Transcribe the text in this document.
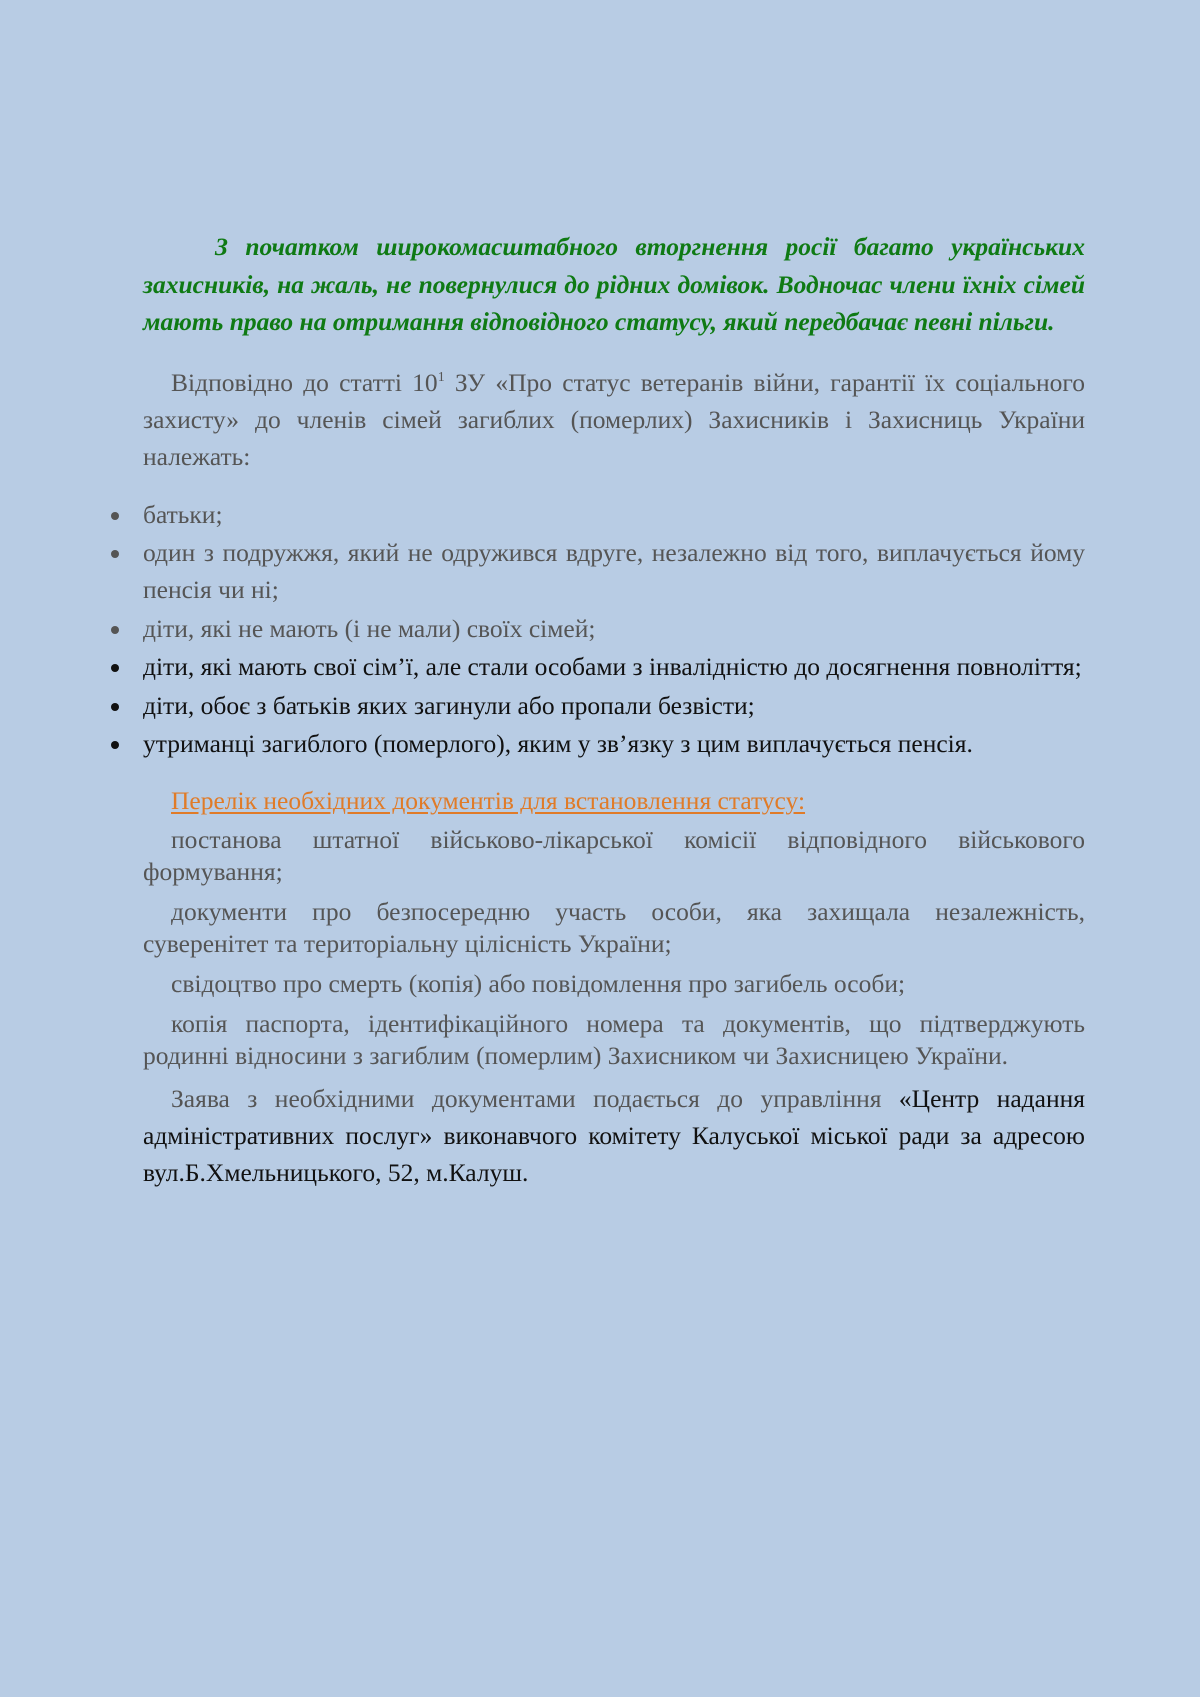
З початком широкомасштабного вторгнення росії багато українських захисників, на жаль, не повернулися до рідних домівок. Водночас члени їхніх сімей мають право на отримання відповідного статусу, який передбачає певні пільги.

Відповідно до статті $10^1$ ЗУ «Про статус ветеранів війни, гарантії їх соціального захисту» до членів сімей загиблих (померлих) Захисників і Захисниць України належать:

батьки;
один з подружжя, який не одружився вдруге, незалежно від того, виплачується йому пенсія чи ні;
діти, які не мають (і не мали) своїх сімей;
діти, які мають свої сім’ї, але стали особами з інвалідністю до досягнення повноліття;
діти, обоє з батьків яких загинули або пропали безвісти;
утриманці загиблого (померлого), яким у зв’язку з цим виплачується пенсія.

Перелік необхідних документів для встановлення статусу:

постанова штатної військово-лікарської комісії відповідного військового формування;

документи про безпосередню участь особи, яка захищала незалежність, суверенітет та територіальну цілісність України;

свідоцтво про смерть (копія) або повідомлення про загибель особи;

копія паспорта, ідентифікаційного номера та документів, що підтверджують родинні відносини з загиблим (померлим) Захисником чи Захисницею України.

Заява з необхідними документами подається до управління «Центр надання адміністративних послуг» виконавчого комітету Калуської міської ради за адресою вул.Б.Хмельницького, 52, м.Калуш.
